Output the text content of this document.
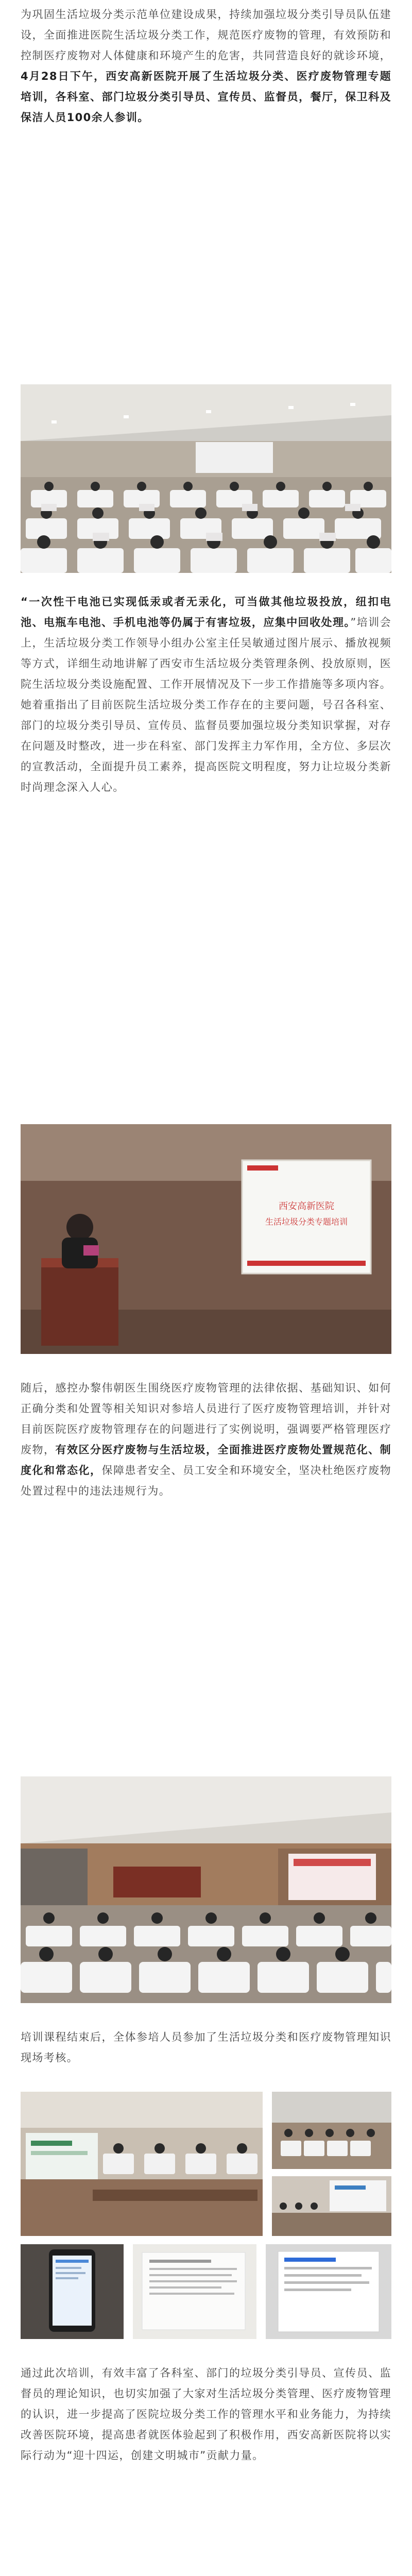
为巩固生活垃圾分类示范单位建设成果，持续加强垃圾分类引导员队伍建设，全面推进医院生活垃圾分类工作，规范医疗废物的管理，有效预防和控制医疗废物对人体健康和环境产生的危害，共同营造良好的就诊环境，4月28日下午，西安高新医院开展了生活垃圾分类、医疗废物管理专题培训，各科室、部门垃圾分类引导员、宣传员、监督员，餐厅，保卫科及保洁人员100余人参训。

“一次性干电池已实现低汞或者无汞化，可当做其他垃圾投放，纽扣电池、电瓶车电池、手机电池等仍属于有害垃圾，应集中回收处理。”培训会上，生活垃圾分类工作领导小组办公室主任吴敏通过图片展示、播放视频等方式，详细生动地讲解了西安市生活垃圾分类管理条例、投放原则，医院生活垃圾分类设施配置、工作开展情况及下一步工作措施等多项内容。她着重指出了目前医院生活垃圾分类工作存在的主要问题，号召各科室、部门的垃圾分类引导员、宣传员、监督员要加强垃圾分类知识掌握，对存在问题及时整改，进一步在科室、部门发挥主力军作用，全方位、多层次的宣教活动，全面提升员工素养，提高医院文明程度，努力让垃圾分类新时尚理念深入人心。

西安高新医院
生活垃圾分类专题培训

随后，感控办黎伟朝医生围绕医疗废物管理的法律依据、基础知识、如何正确分类和处置等相关知识对参培人员进行了医疗废物管理培训，并针对目前医院医疗废物管理存在的问题进行了实例说明，强调要严格管理医疗废物，有效区分医疗废物与生活垃圾，全面推进医疗废物处置规范化、制度化和常态化，保障患者安全、员工安全和环境安全，坚决杜绝医疗废物处置过程中的违法违规行为。

培训课程结束后，全体参培人员参加了生活垃圾分类和医疗废物管理知识现场考核。

通过此次培训，有效丰富了各科室、部门的垃圾分类引导员、宣传员、监督员的理论知识，也切实加强了大家对生活垃圾分类管理、医疗废物管理的认识，进一步提高了医院垃圾分类工作的管理水平和业务能力，为持续改善医院环境，提高患者就医体验起到了积极作用，西安高新医院将以实际行动为“迎十四运，创建文明城市”贡献力量。
